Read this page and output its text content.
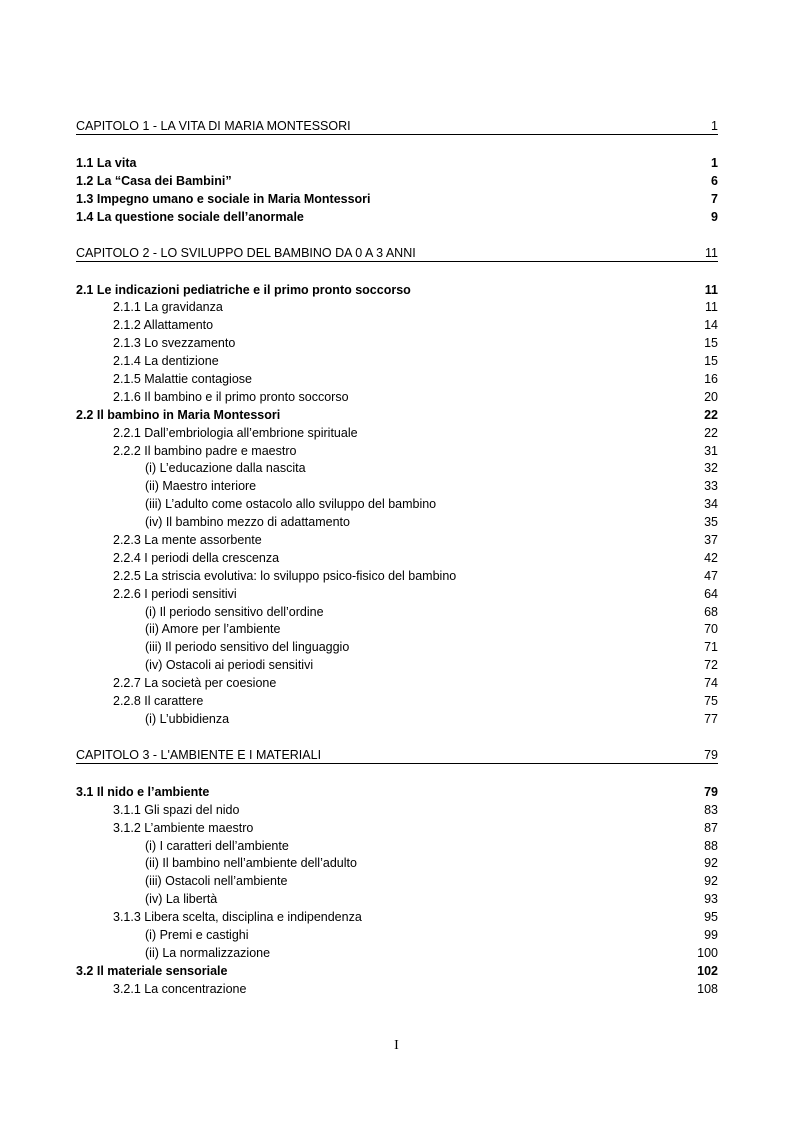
CAPITOLO 1 - LA VITA DI MARIA MONTESSORI	1
1.1 La vita	1
1.2 La “Casa dei Bambini”	6
1.3 Impegno umano e sociale in Maria Montessori	7
1.4 La questione sociale dell’anormale	9
CAPITOLO 2 - LO SVILUPPO DEL BAMBINO DA 0 A 3 ANNI	11
2.1 Le indicazioni pediatriche e il primo pronto soccorso	11
2.1.1 La gravidanza	11
2.1.2 Allattamento	14
2.1.3 Lo svezzamento	15
2.1.4 La dentizione	15
2.1.5 Malattie contagiose	16
2.1.6 Il bambino e il primo pronto soccorso	20
2.2 Il bambino in Maria Montessori	22
2.2.1 Dall’embriologia all’embrione spirituale	22
2.2.2 Il bambino padre e maestro	31
(i) L’educazione dalla nascita	32
(ii) Maestro interiore	33
(iii) L’adulto come ostacolo allo sviluppo del bambino	34
(iv) Il bambino mezzo di adattamento	35
2.2.3 La mente assorbente	37
2.2.4 I periodi della crescenza	42
2.2.5 La striscia evolutiva: lo sviluppo psico-fisico del bambino	47
2.2.6 I periodi sensitivi	64
(i) Il periodo sensitivo dell’ordine	68
(ii) Amore per l’ambiente	70
(iii) Il periodo sensitivo del linguaggio	71
(iv) Ostacoli ai periodi sensitivi	72
2.2.7 La società per coesione	74
2.2.8 Il carattere	75
(i) L’ubbidienza	77
CAPITOLO 3 - L'AMBIENTE E I MATERIALI	79
3.1 Il nido e l’ambiente	79
3.1.1 Gli spazi del nido	83
3.1.2 L’ambiente maestro	87
(i) I caratteri dell’ambiente	88
(ii) Il bambino nell’ambiente dell’adulto	92
(iii) Ostacoli nell’ambiente	92
(iv) La libertà	93
3.1.3 Libera scelta, disciplina e indipendenza	95
(i) Premi e castighi	99
(ii) La normalizzazione	100
3.2 Il materiale sensoriale	102
3.2.1 La concentrazione	108
I
